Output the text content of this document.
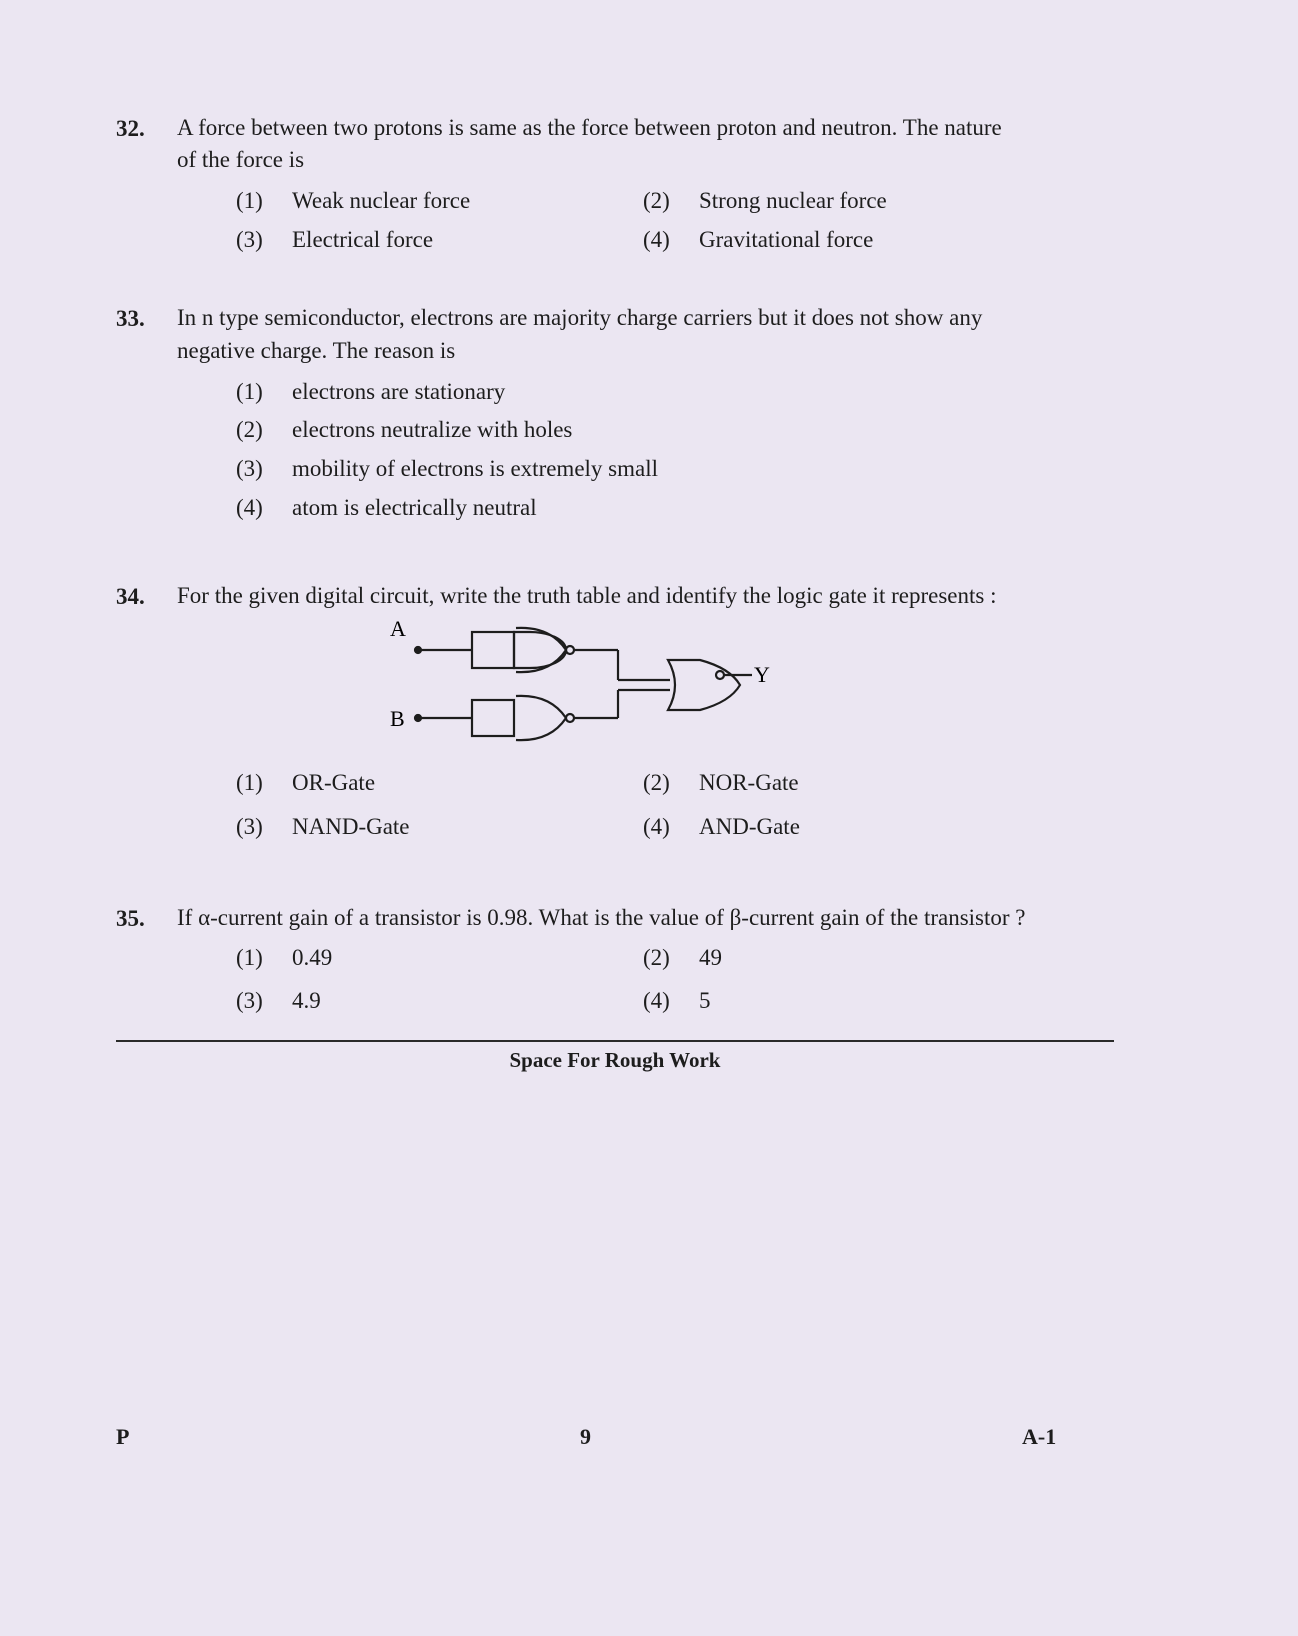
32. A force between two protons is same as the force between proton and neutron. The nature
of the force is
(1) Weak nuclear force	(2) Strong nuclear force
(3) Electrical force	(4) Gravitational force
33. In n type semiconductor, electrons are majority charge carriers but it does not show any
negative charge. The reason is
(1) electrons are stationary
(2) electrons neutralize with holes
(3) mobility of electrons is extremely small
(4) atom is electrically neutral
34. For the given digital circuit, write the truth table and identify the logic gate it represents :
A
B
Y
(1) OR-Gate	(2) NOR-Gate
(3) NAND-Gate	(4) AND-Gate
35. If α-current gain of a transistor is 0.98. What is the value of β-current gain of the transistor ?
(1) 0.49	(2) 49
(3) 4.9	(4) 5
Space For Rough Work
P	9	A-1
